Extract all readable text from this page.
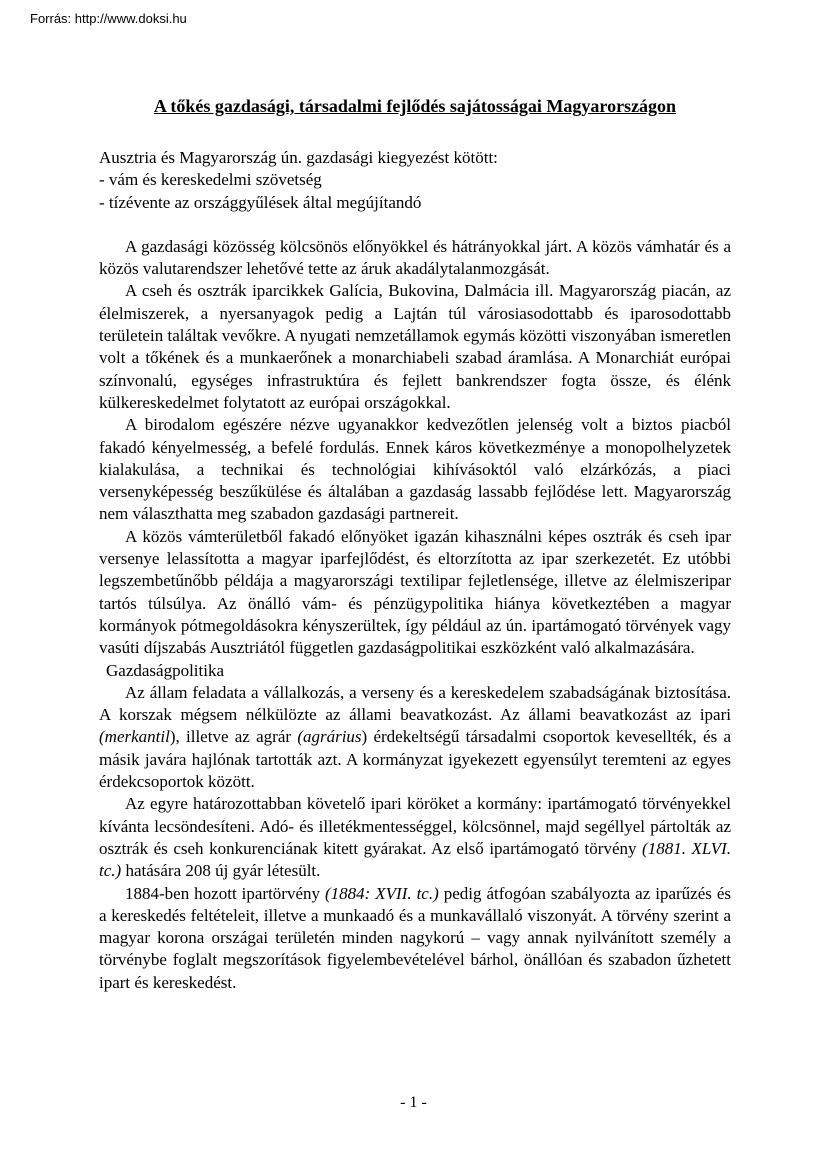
Forrás: http://www.doksi.hu
A tőkés gazdasági, társadalmi fejlődés sajátosságai Magyarországon
Ausztria és Magyarország ún. gazdasági kiegyezést kötött:
- vám és kereskedelmi szövetség
- tízévente az országgyűlések által megújítandó

A gazdasági közösség kölcsönös előnyökkel és hátrányokkal járt. A közös vámhatár és a közös valutarendszer lehetővé tette az áruk akadálytalanmozgását.

A cseh és osztrák iparcikkek Galícia, Bukovina, Dalmácia ill. Magyarország piacán, az élelmiszerek, a nyersanyagok pedig a Lajtán túl városiasodottabb és iparosodottabb területein találtak vevőkre. A nyugati nemzetállamok egymás közötti viszonyában ismeretlen volt a tőkének és a munkaerőnek a monarchiabeli szabad áramlása. A Monarchiát európai színvonalú, egységes infrastruktúra és fejlett bankrendszer fogta össze, és élénk külkereskedelmet folytatott az európai országokkal.

A birodalom egészére nézve ugyanakkor kedvezőtlen jelenség volt a biztos piacból fakadó kényelmesség, a befelé fordulás. Ennek káros következménye a monopolhelyzetek kialakulása, a technikai és technológiai kihívásoktól való elzárkózás, a piaci versenyképesség beszűkülése és általában a gazdaság lassabb fejlődése lett. Magyarország nem választhatta meg szabadon gazdasági partnereit.

A közös vámterületből fakadó előnyöket igazán kihasználni képes osztrák és cseh ipar versenye lelassította a magyar iparfejlődést, és eltorzította az ipar szerkezetét. Ez utóbbi legszembetűnőbb példája a magyarországi textilipar fejletlensége, illetve az élelmiszeripar tartós túlsúlya. Az önálló vám- és pénzügypolitika hiánya következtében a magyar kormányok pótmegoldásokra kényszerültek, így például az ún. ipartámogató törvények vagy vasúti díjszabás Ausztriától független gazdaságpolitikai eszközként való alkalmazására.

Gazdaságpolitika

Az állam feladata a vállalkozás, a verseny és a kereskedelem szabadságának biztosítása. A korszak mégsem nélkülözte az állami beavatkozást. Az állami beavatkozást az ipari (merkantil), illetve az agrár (agrárius) érdekeltségű társadalmi csoportok kevesellték, és a másik javára hajlónak tartották azt. A kormányzat igyekezett egyensúlyt teremteni az egyes érdekcsoportok között.

Az egyre határozottabban követelő ipari köröket a kormány: ipartámogató törvényekkel kívánta lecsöndesíteni. Adó- és illetékmentességgel, kölcsönnel, majd segéllyel pártolták az osztrák és cseh konkurenciának kitett gyárakat. Az első ipartámogató törvény (1881. XLVI. tc.) hatására 208 új gyár létesült.

1884-ben hozott ipartörvény (1884: XVII. tc.) pedig átfogóan szabályozta az iparűzés és a kereskedés feltételeit, illetve a munkaadó és a munkavállaló viszonyát. A törvény szerint a magyar korona országai területén minden nagykorú – vagy annak nyilvánított személy a törvénybe foglalt megszorítások figyelembevételével bárhol, önállóan és szabadon űzhetett ipart és kereskedést.

- 1 -
